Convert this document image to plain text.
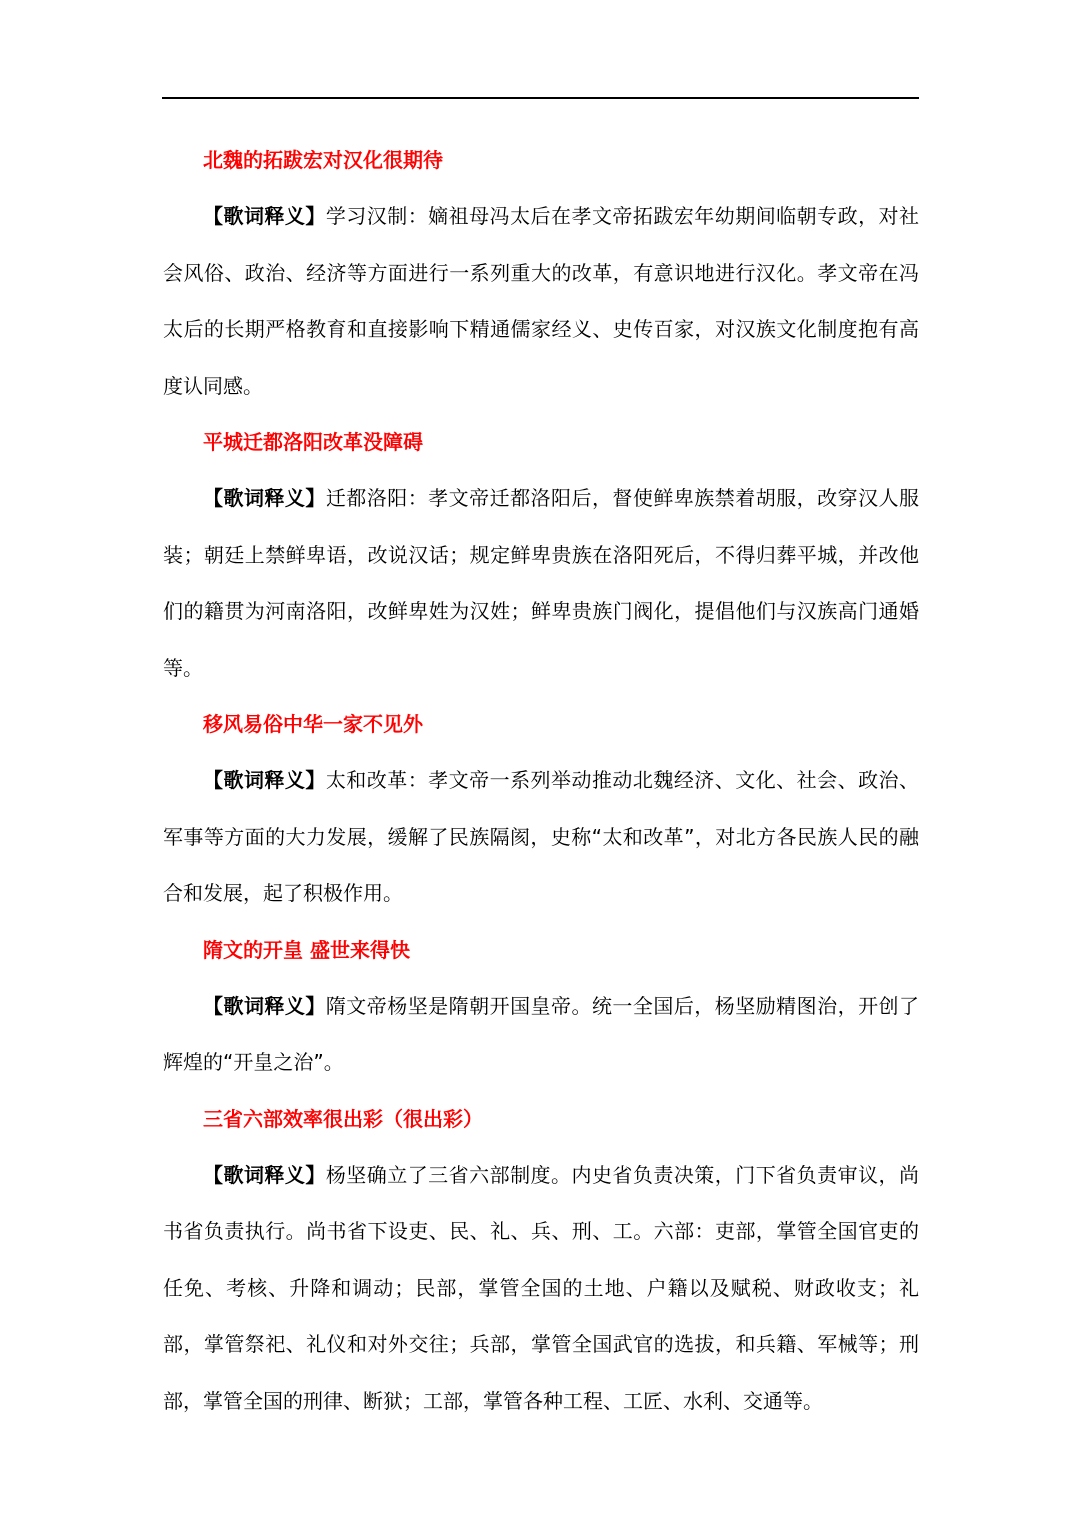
北魏的拓跋宏对汉化很期待

【歌词释义】学习汉制：嫡祖母冯太后在孝文帝拓跋宏年幼期间临朝专政，对社会风俗、政治、经济等方面进行一系列重大的改革，有意识地进行汉化。孝文帝在冯太后的长期严格教育和直接影响下精通儒家经义、史传百家，对汉族文化制度抱有高度认同感。

平城迁都洛阳改革没障碍

【歌词释义】迁都洛阳：孝文帝迁都洛阳后，督使鲜卑族禁着胡服，改穿汉人服装；朝廷上禁鲜卑语，改说汉话；规定鲜卑贵族在洛阳死后，不得归葬平城，并改他们的籍贯为河南洛阳，改鲜卑姓为汉姓；鲜卑贵族门阀化，提倡他们与汉族高门通婚等。

移风易俗中华一家不见外

【歌词释义】太和改革：孝文帝一系列举动推动北魏经济、文化、社会、政治、军事等方面的大力发展，缓解了民族隔阂，史称“太和改革”，对北方各民族人民的融合和发展，起了积极作用。

隋文的开皇 盛世来得快

【歌词释义】隋文帝杨坚是隋朝开国皇帝。统一全国后，杨坚励精图治，开创了辉煌的“开皇之治”。

三省六部效率很出彩（很出彩）

【歌词释义】杨坚确立了三省六部制度。内史省负责决策，门下省负责审议，尚书省负责执行。尚书省下设吏、民、礼、兵、刑、工。六部：吏部，掌管全国官吏的任免、考核、升降和调动；民部，掌管全国的土地、户籍以及赋税、财政收支；礼部，掌管祭祀、礼仪和对外交往；兵部，掌管全国武官的选拔，和兵籍、军械等；刑部，掌管全国的刑律、断狱；工部，掌管各种工程、工匠、水利、交通等。
